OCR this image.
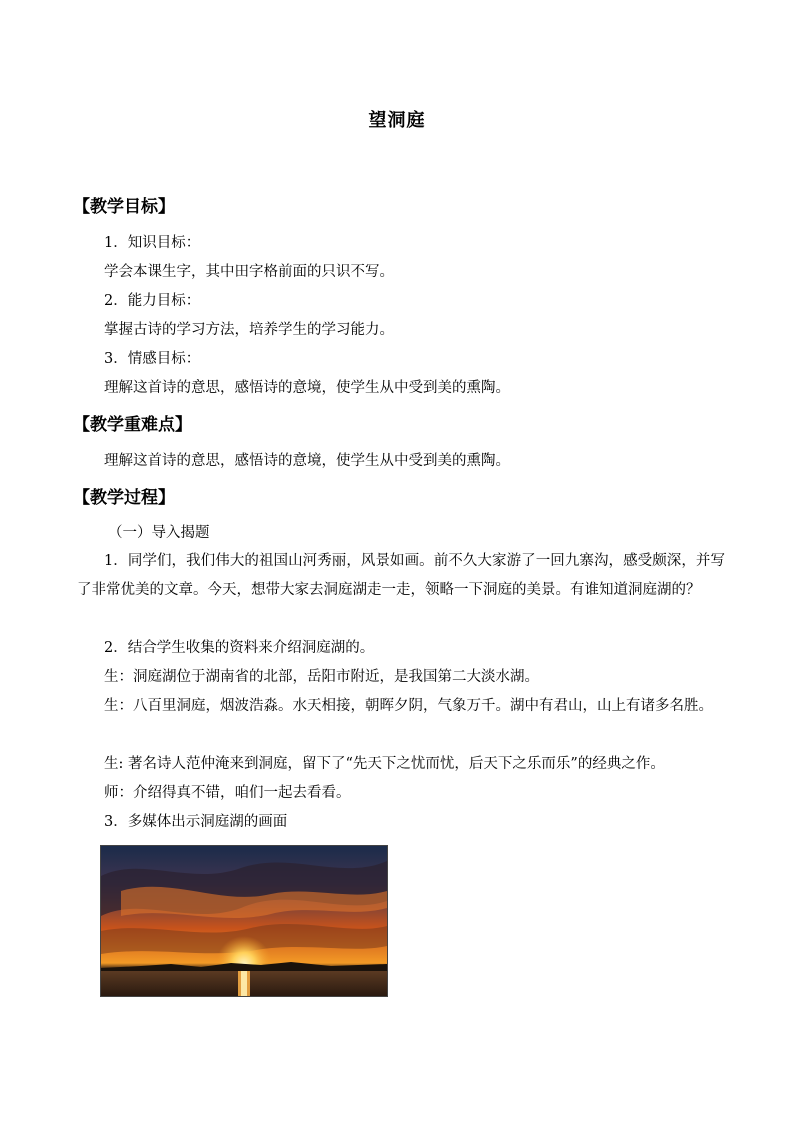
望洞庭
【教学目标】
1．知识目标：
学会本课生字，其中田字格前面的只识不写。
2．能力目标：
掌握古诗的学习方法，培养学生的学习能力。
3．情感目标：
理解这首诗的意思，感悟诗的意境，使学生从中受到美的熏陶。
【教学重难点】
理解这首诗的意思，感悟诗的意境，使学生从中受到美的熏陶。
【教学过程】
（一）导入揭题
1．同学们，我们伟大的祖国山河秀丽，风景如画。前不久大家游了一回九寨沟，感受颇深，并写了非常优美的文章。今天，想带大家去洞庭湖走一走，领略一下洞庭的美景。有谁知道洞庭湖的？
2．结合学生收集的资料来介绍洞庭湖的。
生：洞庭湖位于湖南省的北部，岳阳市附近，是我国第二大淡水湖。
生：八百里洞庭，烟波浩淼。水天相接，朝晖夕阴，气象万千。湖中有君山，山上有诸多名胜。
生: 著名诗人范仲淹来到洞庭，留下了“先天下之忧而忧，后天下之乐而乐”的经典之作。
师：介绍得真不错，咱们一起去看看。
3．多媒体出示洞庭湖的画面
